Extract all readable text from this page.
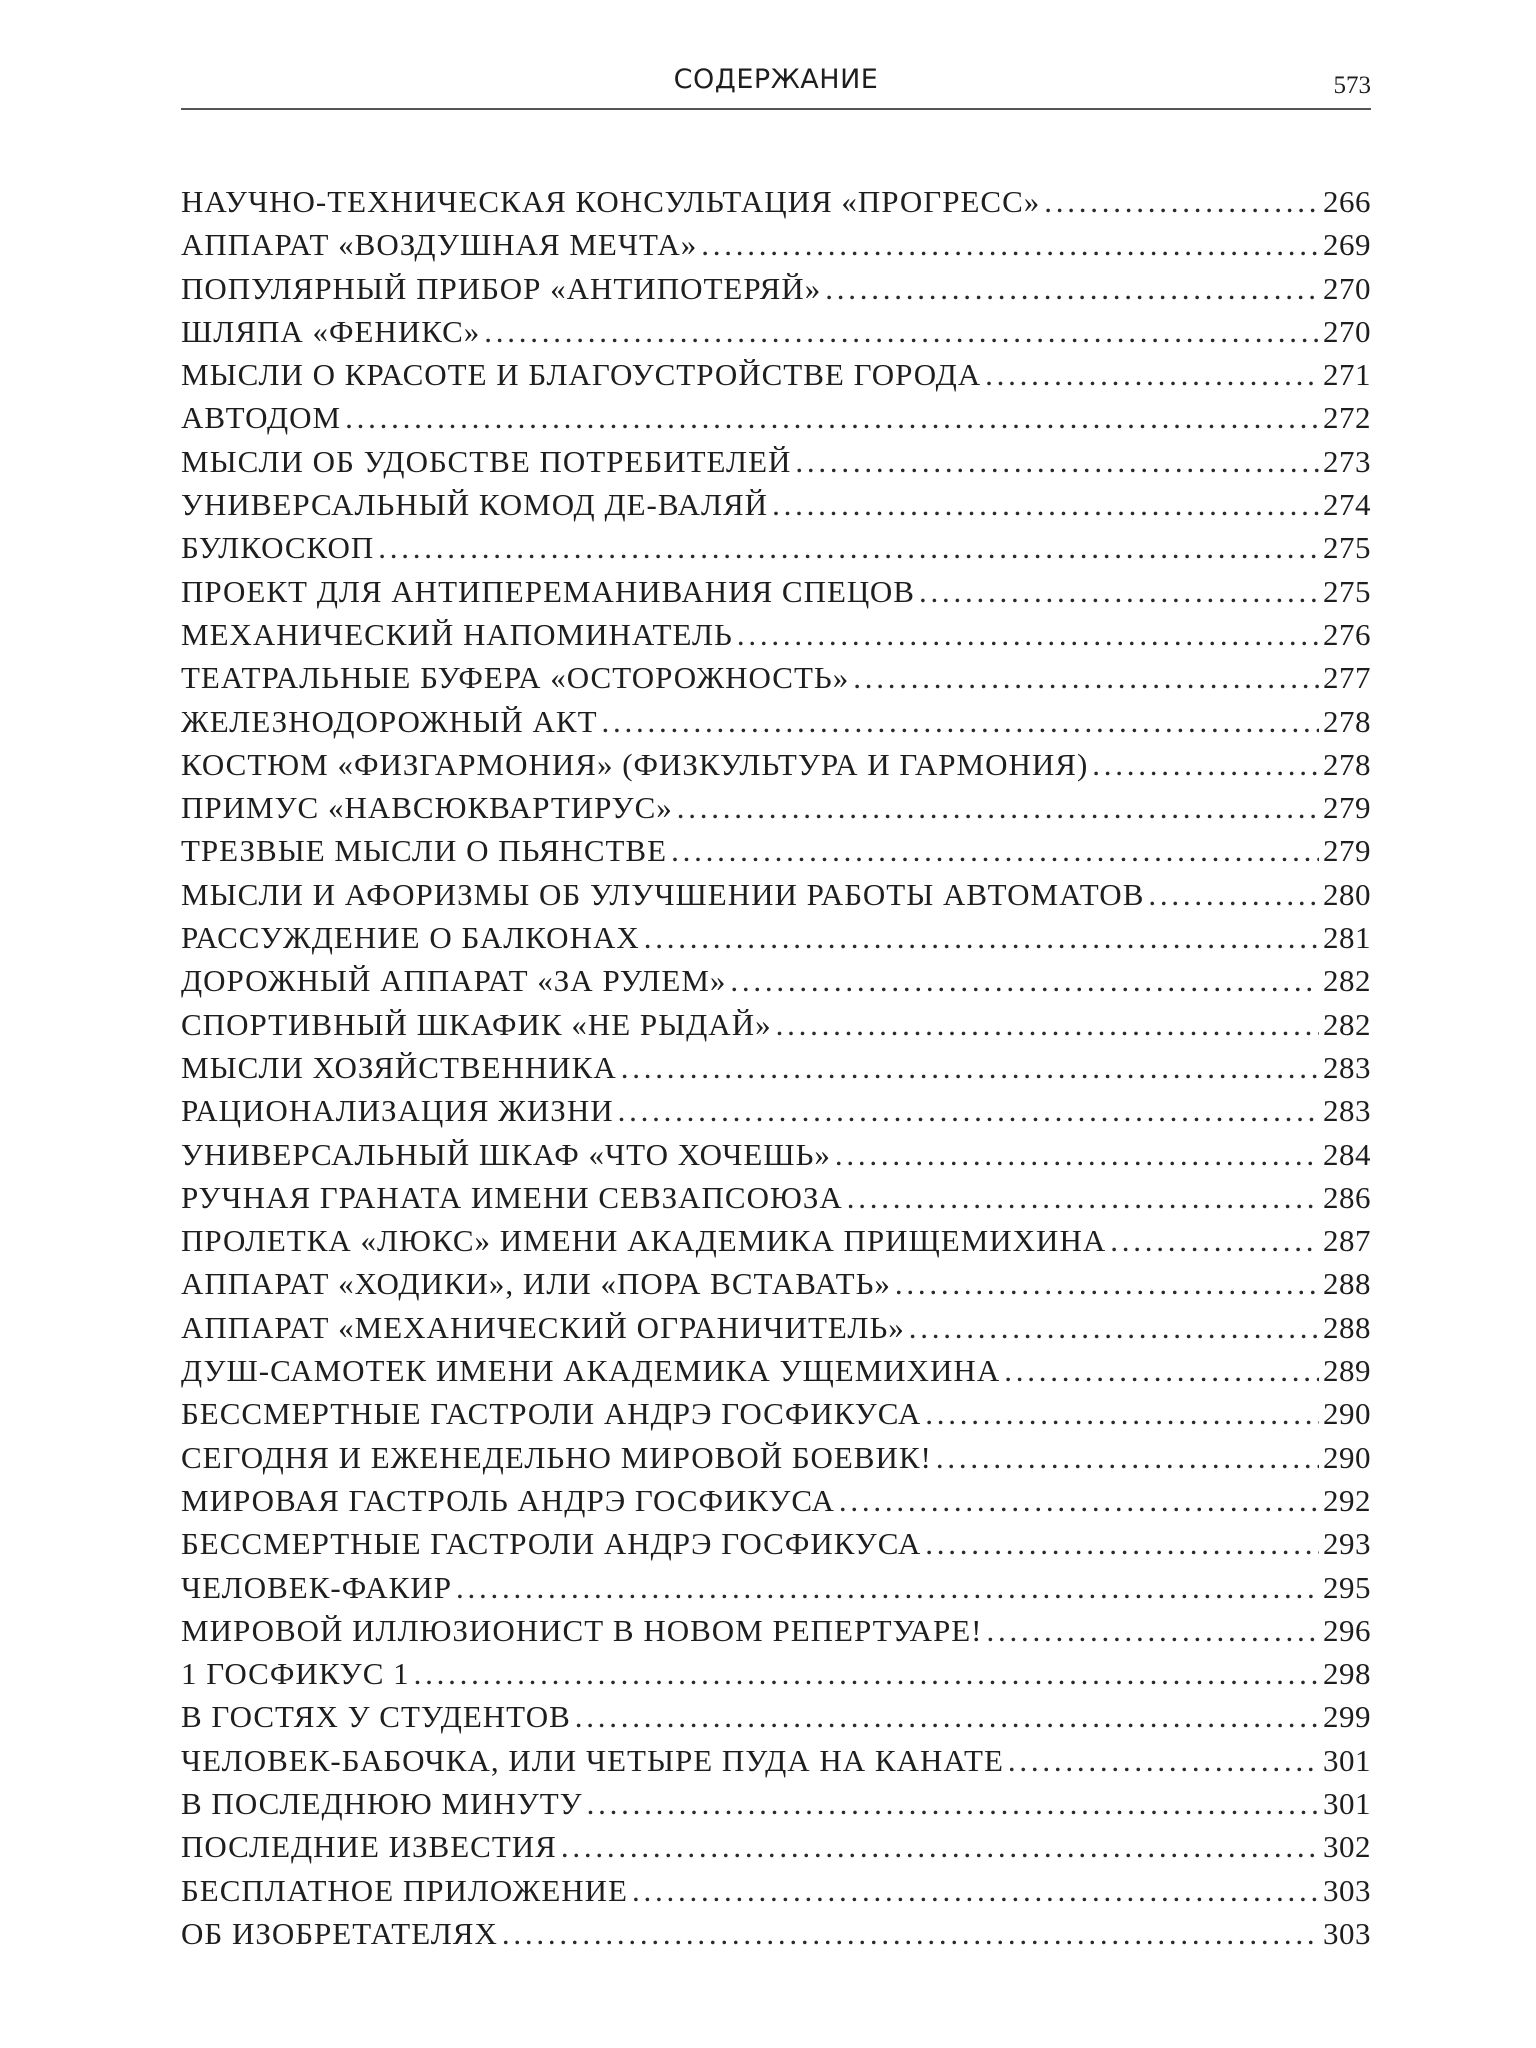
СОДЕРЖАНИЕ	573
НАУЧНО-ТЕХНИЧЕСКАЯ КОНСУЛЬТАЦИЯ «ПРОГРЕСС» . . .	266
АППАРАТ «ВОЗДУШНАЯ МЕЧТА» . . .	269
ПОПУЛЯРНЫЙ ПРИБОР «АНТИПОТЕРЯЙ» . . .	270
ШЛЯПА «ФЕНИКС» . . .	270
МЫСЛИ О КРАСОТЕ И БЛАГОУСТРОЙСТВЕ ГОРОДА . . .	271
АВТОДОМ . . .	272
МЫСЛИ ОБ УДОБСТВЕ ПОТРЕБИТЕЛЕЙ . . .	273
УНИВЕРСАЛЬНЫЙ КОМОД ДЕ-ВАЛЯЙ . . .	274
БУЛКОСКОП . . .	275
ПРОЕКТ ДЛЯ АНТИПЕРЕМАНИВАНИЯ СПЕЦОВ . . .	275
МЕХАНИЧЕСКИЙ НАПОМИНАТЕЛЬ . . .	276
ТЕАТРАЛЬНЫЕ БУФЕРА «ОСТОРОЖНОСТЬ» . . .	277
ЖЕЛЕЗНОДОРОЖНЫЙ АКТ . . .	278
КОСТЮМ «ФИЗГАРМОНИЯ» (ФИЗКУЛЬТУРА И ГАРМОНИЯ) . . .	278
ПРИМУС «НАВСЮКВАРТИРУС» . . .	279
ТРЕЗВЫЕ МЫСЛИ О ПЬЯНСТВЕ . . .	279
МЫСЛИ И АФОРИЗМЫ ОБ УЛУЧШЕНИИ РАБОТЫ АВТОМАТОВ . . .	280
РАССУЖДЕНИЕ О БАЛКОНАХ . . .	281
ДОРОЖНЫЙ АППАРАТ «ЗА РУЛЕМ» . . .	282
СПОРТИВНЫЙ ШКАФИК «НЕ РЫДАЙ» . . .	282
МЫСЛИ ХОЗЯЙСТВЕННИКА . . .	283
РАЦИОНАЛИЗАЦИЯ ЖИЗНИ . . .	283
УНИВЕРСАЛЬНЫЙ ШКАФ «ЧТО ХОЧЕШЬ» . . .	284
РУЧНАЯ ГРАНАТА ИМЕНИ СЕВЗАПСОЮЗА . . .	286
ПРОЛЕТКА «ЛЮКС» ИМЕНИ АКАДЕМИКА ПРИЩЕМИХИНА . . .	287
АППАРАТ «ХОДИКИ», ИЛИ «ПОРА ВСТАВАТЬ» . . .	288
АППАРАТ «МЕХАНИЧЕСКИЙ ОГРАНИЧИТЕЛЬ» . . .	288
ДУШ-САМОТЕК ИМЕНИ АКАДЕМИКА УЩЕМИХИНА . . .	289
БЕССМЕРТНЫЕ ГАСТРОЛИ АНДРЭ ГОСФИКУСА . . .	290
СЕГОДНЯ И ЕЖЕНЕДЕЛЬНО МИРОВОЙ БОЕВИК! . . .	290
МИРОВАЯ ГАСТРОЛЬ АНДРЭ ГОСФИКУСА . . .	292
БЕССМЕРТНЫЕ ГАСТРОЛИ АНДРЭ ГОСФИКУСА . . .	293
ЧЕЛОВЕК-ФАКИР . . .	295
МИРОВОЙ ИЛЛЮЗИОНИСТ В НОВОМ РЕПЕРТУАРЕ! . . .	296
1 ГОСФИКУС 1 . . .	298
В ГОСТЯХ У СТУДЕНТОВ . . .	299
ЧЕЛОВЕК-БАБОЧКА, ИЛИ ЧЕТЫРЕ ПУДА НА КАНАТЕ . . .	301
В ПОСЛЕДНЮЮ МИНУТУ . . .	301
ПОСЛЕДНИЕ ИЗВЕСТИЯ . . .	302
БЕСПЛАТНОЕ ПРИЛОЖЕНИЕ . . .	303
ОБ ИЗОБРЕТАТЕЛЯХ . . .	303
